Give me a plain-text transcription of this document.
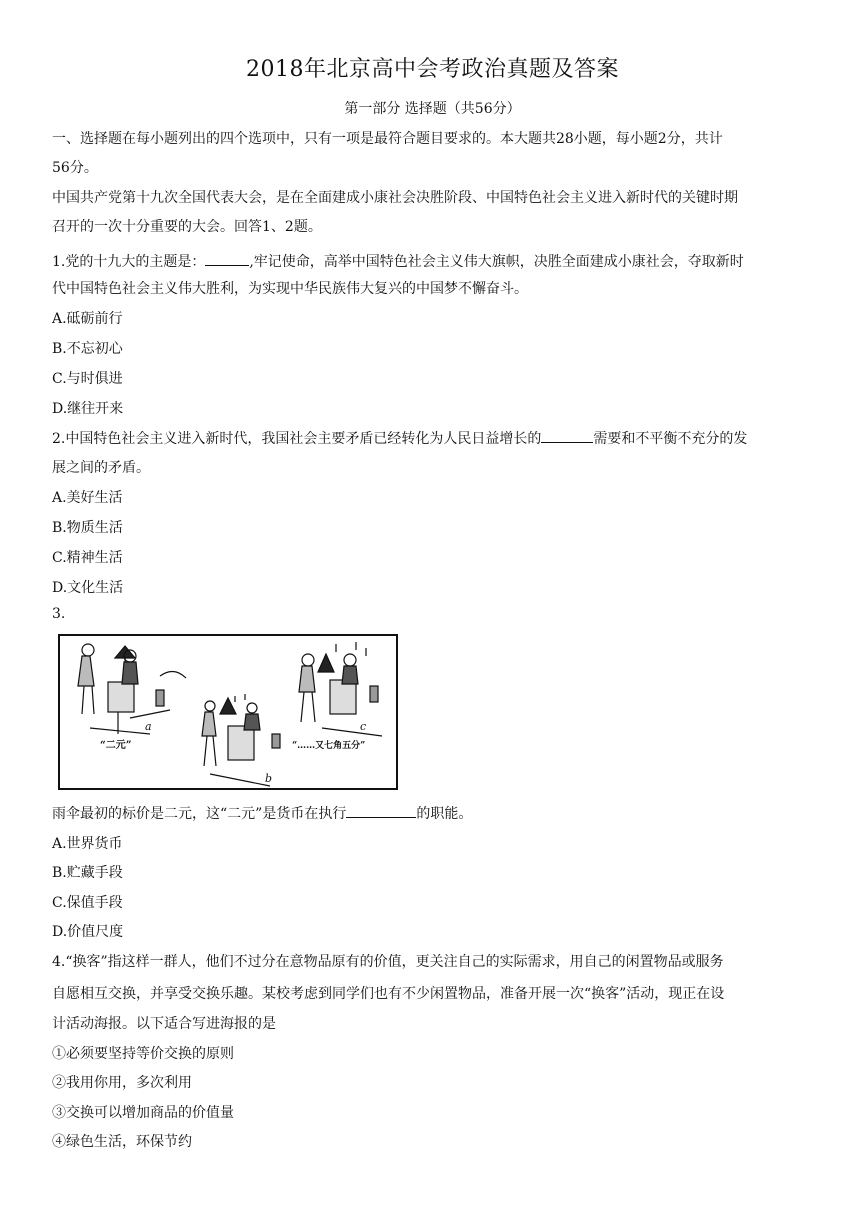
2018年北京高中会考政治真题及答案
第一部分 选择题（共56分）
一、选择题在每小题列出的四个选项中，只有一项是最符合题目要求的。本大题共28小题，每小题2分，共计
56分。
中国共产党第十九次全国代表大会，是在全面建成小康社会决胜阶段、中国特色社会主义进入新时代的关键时期
召开的一次十分重要的大会。回答1、2题。
1.党的十九大的主题是：	,牢记使命，高举中国特色社会主义伟大旗帜，决胜全面建成小康社会，夺取新时
代中国特色社会主义伟大胜利，为实现中华民族伟大复兴的中国梦不懈奋斗。
A.砥砺前行
B.不忘初心
C.与时俱进
D.继往开来
2.中国特色社会主义进入新时代，我国社会主要矛盾已经转化为人民日益增长的	需要和不平衡不充分的发
展之间的矛盾。
A.美好生活
B.物质生活
C.精神生活
D.文化生活
3.
“二元”
a
b
c
“……又七角五分”
雨伞最初的标价是二元，这“二元”是货币在执行	的职能。
A.世界货币
B.贮藏手段
C.保值手段
D.价值尺度
4.“换客”指这样一群人，他们不过分在意物品原有的价值，更关注自己的实际需求，用自己的闲置物品或服务
自愿相互交换，并享受交换乐趣。某校考虑到同学们也有不少闲置物品，准备开展一次“换客”活动，现正在设
计活动海报。以下适合写进海报的是
①必须要坚持等价交换的原则
②我用你用，多次利用
③交换可以增加商品的价值量
④绿色生活，环保节约
